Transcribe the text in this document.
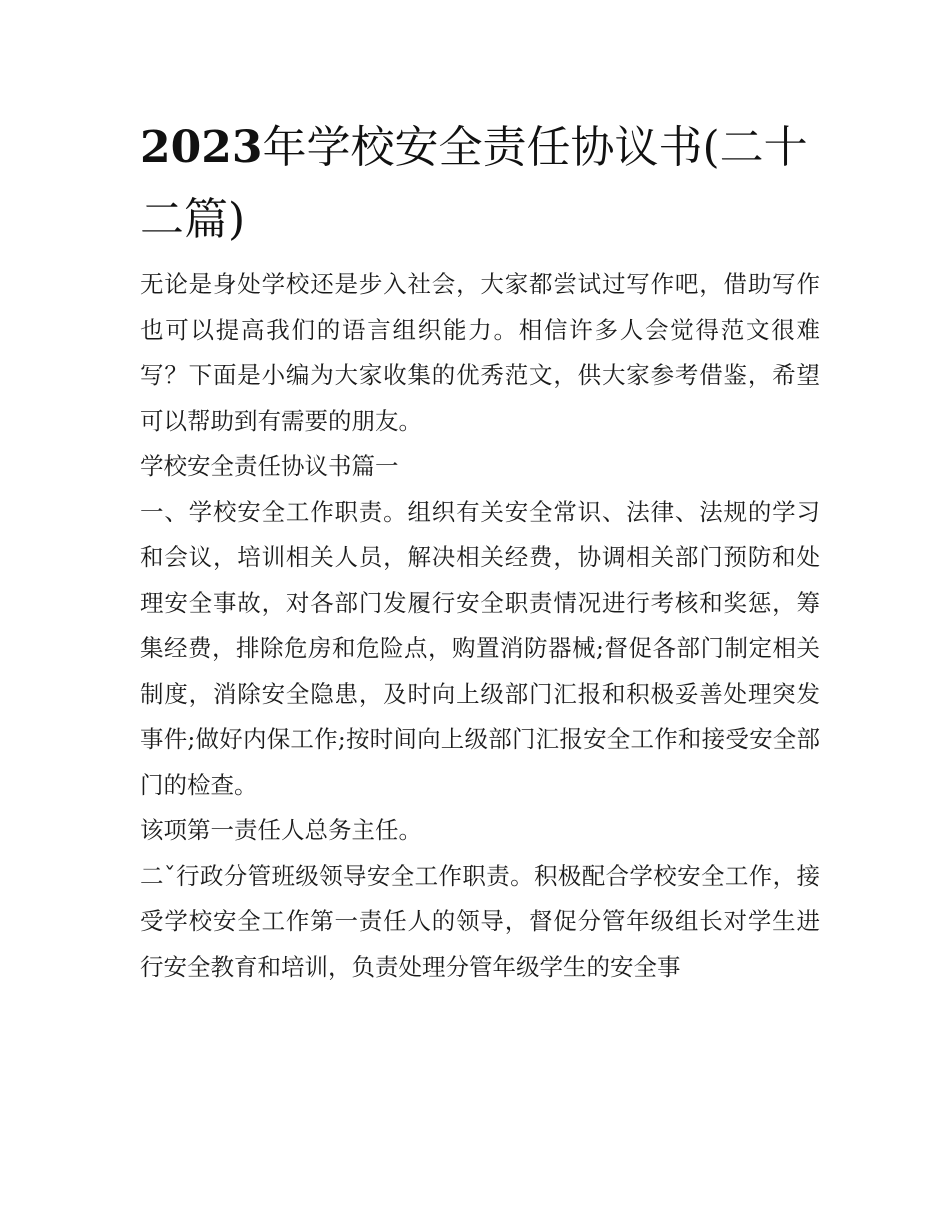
2023年学校安全责任协议书(二十二篇)

无论是身处学校还是步入社会，大家都尝试过写作吧，借助写作也可以提高我们的语言组织能力。相信许多人会觉得范文很难写？下面是小编为大家收集的优秀范文，供大家参考借鉴，希望可以帮助到有需要的朋友。

学校安全责任协议书篇一

一、学校安全工作职责。组织有关安全常识、法律、法规的学习和会议，培训相关人员，解决相关经费，协调相关部门预防和处理安全事故，对各部门发履行安全职责情况进行考核和奖惩，筹集经费，排除危房和危险点，购置消防器械;督促各部门制定相关制度，消除安全隐患，及时向上级部门汇报和积极妥善处理突发事件;做好内保工作;按时间向上级部门汇报安全工作和接受安全部门的检查。

该项第一责任人总务主任。

二ˇ行政分管班级领导安全工作职责。积极配合学校安全工作，接受学校安全工作第一责任人的领导，督促分管年级组长对学生进行安全教育和培训，负责处理分管年级学生的安全事
